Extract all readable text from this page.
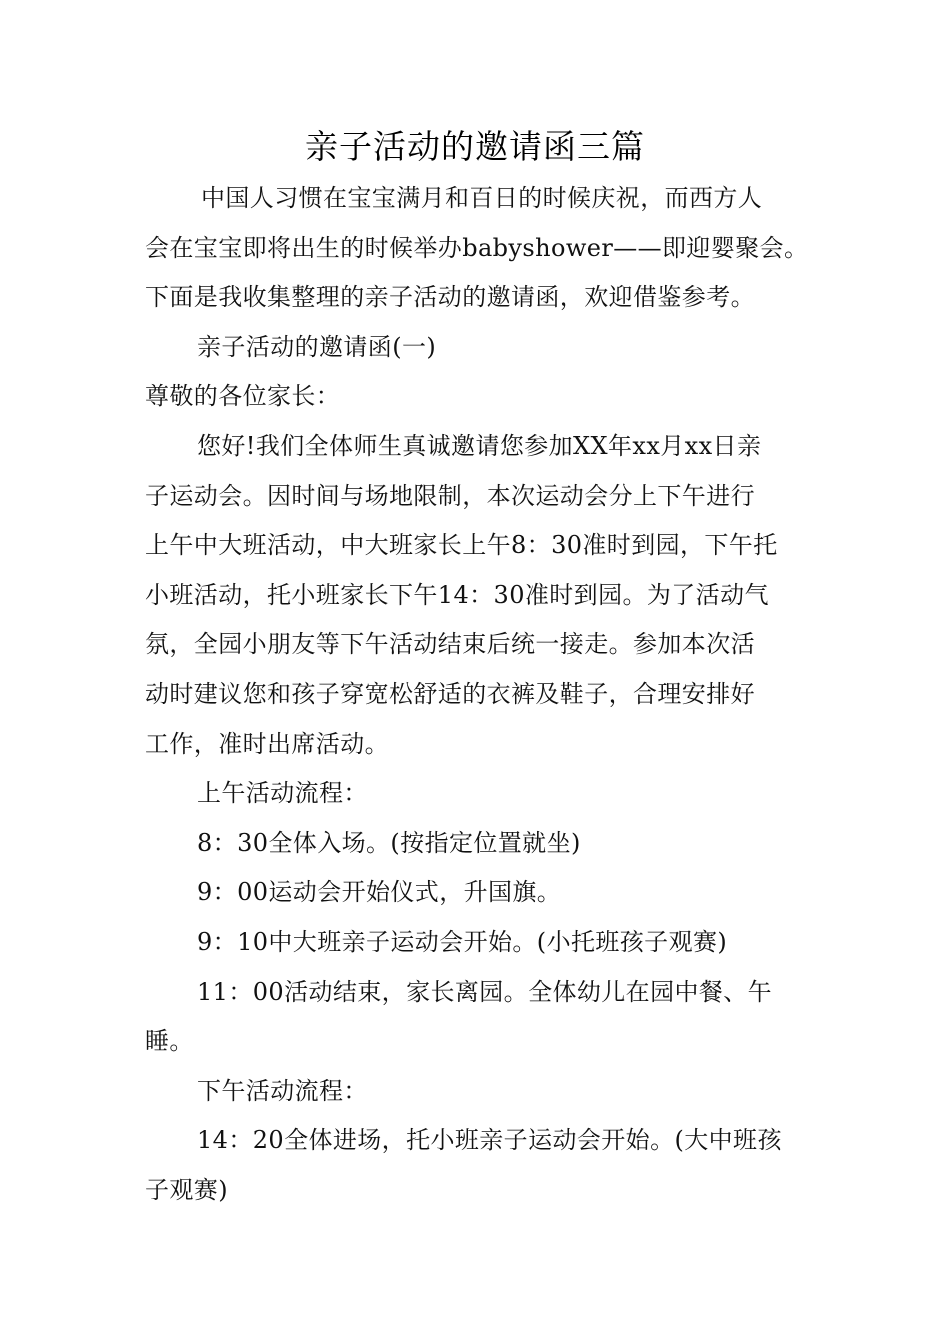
亲子活动的邀请函三篇
中国人习惯在宝宝满月和百日的时候庆祝，而西方人
会在宝宝即将出生的时候举办babyshower——即迎婴聚会。
下面是我收集整理的亲子活动的邀请函，欢迎借鉴参考。
亲子活动的邀请函(一)
尊敬的各位家长：
您好!我们全体师生真诚邀请您参加XX年xx月xx日亲
子运动会。因时间与场地限制，本次运动会分上下午进行
上午中大班活动，中大班家长上午8：30准时到园，下午托
小班活动，托小班家长下午14：30准时到园。为了活动气
氛，全园小朋友等下午活动结束后统一接走。参加本次活
动时建议您和孩子穿宽松舒适的衣裤及鞋子，合理安排好
工作，准时出席活动。
上午活动流程：
8：30全体入场。(按指定位置就坐)
9：00运动会开始仪式，升国旗。
9：10中大班亲子运动会开始。(小托班孩子观赛)
11：00活动结束，家长离园。全体幼儿在园中餐、午
睡。
下午活动流程：
14：20全体进场，托小班亲子运动会开始。(大中班孩
子观赛)
